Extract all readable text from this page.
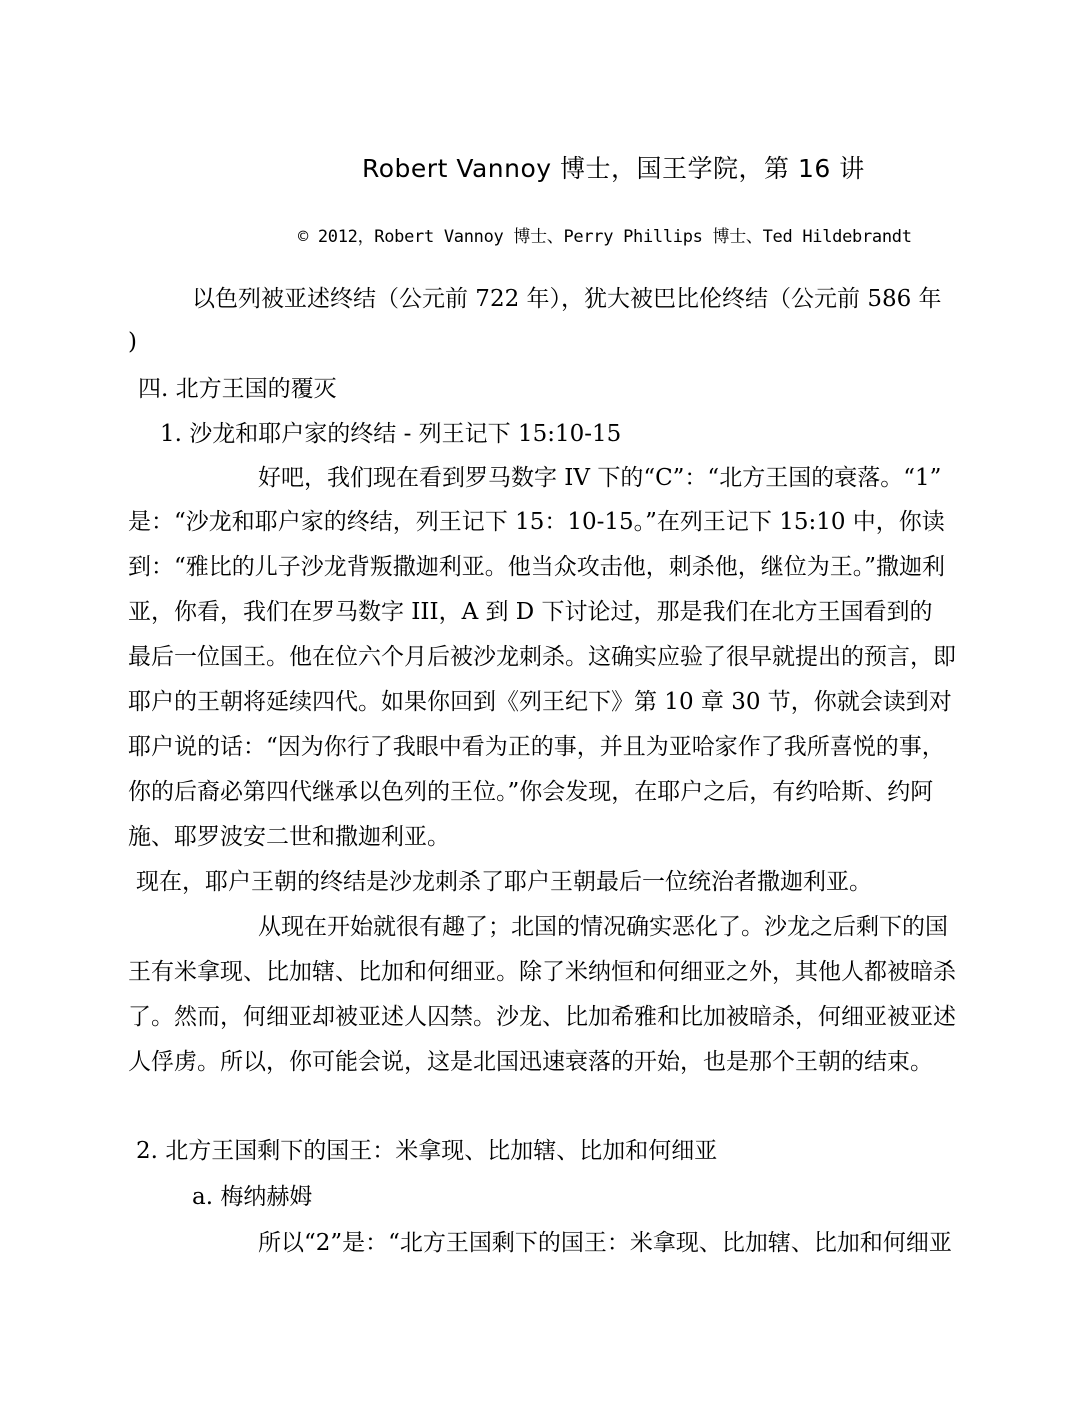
Robert Vannoy 博士，国王学院，第 16 讲
© 2012，Robert Vannoy 博士、Perry Phillips 博士、Ted Hildebrandt
以色列被亚述终结（公元前 722 年），犹大被巴比伦终结（公元前 586 年
)
四. 北方王国的覆灭
1. 沙龙和耶户家的终结 - 列王记下 15:10-15
好吧，我们现在看到罗马数字 IV 下的“C”：“北方王国的衰落。“1”
是：“沙龙和耶户家的终结，列王记下 15：10-15。”在列王记下 15:10 中，你读
到：“雅比的儿子沙龙背叛撒迦利亚。他当众攻击他，刺杀他，继位为王。”撒迦利
亚，你看，我们在罗马数字 III，A 到 D 下讨论过，那是我们在北方王国看到的
最后一位国王。他在位六个月后被沙龙刺杀。这确实应验了很早就提出的预言，即
耶户的王朝将延续四代。如果你回到《列王纪下》第 10 章 30 节，你就会读到对
耶户说的话：“因为你行了我眼中看为正的事，并且为亚哈家作了我所喜悦的事，
你的后裔必第四代继承以色列的王位。”你会发现，在耶户之后，有约哈斯、约阿
施、耶罗波安二世和撒迦利亚。
现在，耶户王朝的终结是沙龙刺杀了耶户王朝最后一位统治者撒迦利亚。
从现在开始就很有趣了；北国的情况确实恶化了。沙龙之后剩下的国
王有米拿现、比加辖、比加和何细亚。除了米纳恒和何细亚之外，其他人都被暗杀
了。然而，何细亚却被亚述人囚禁。沙龙、比加希雅和比加被暗杀，何细亚被亚述
人俘虏。所以，你可能会说，这是北国迅速衰落的开始，也是那个王朝的结束。
2. 北方王国剩下的国王：米拿现、比加辖、比加和何细亚
a. 梅纳赫姆
所以“2”是：“北方王国剩下的国王：米拿现、比加辖、比加和何细亚
